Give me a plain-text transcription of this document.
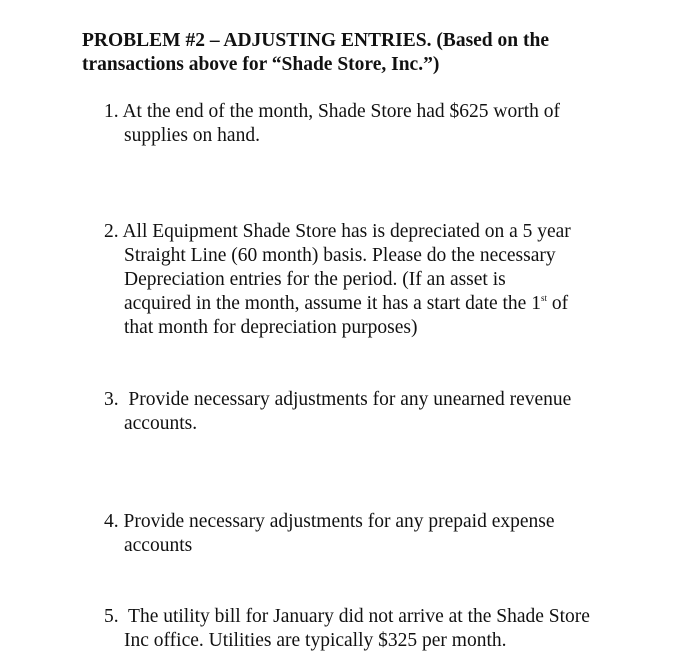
PROBLEM #2 – ADJUSTING ENTRIES. (Based on the
transactions above for “Shade Store, Inc.”)
1. At the end of the month, Shade Store had $625 worth of
supplies on hand.
2. All Equipment Shade Store has is depreciated on a 5 year
Straight Line (60 month) basis. Please do the necessary
Depreciation entries for the period. (If an asset is
acquired in the month, assume it has a start date the 1st of
that month for depreciation purposes)
3. Provide necessary adjustments for any unearned revenue
accounts.
4. Provide necessary adjustments for any prepaid expense
accounts
5. The utility bill for January did not arrive at the Shade Store
Inc office. Utilities are typically $325 per month.
